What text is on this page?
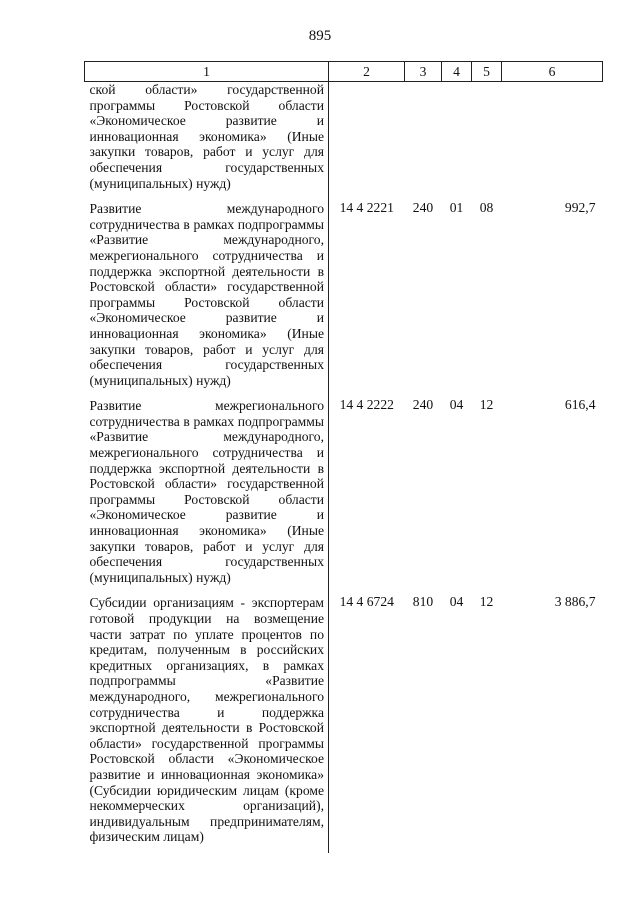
895
1	2	3	4	5	6
ской области» государственной программы Ростовской области «Экономическое развитие и инновационная экономика» (Иные закупки товаров, работ и услуг для обеспечения государственных (муниципальных) нужд)					
Развитие международного сотрудничества в рамках подпрограммы «Развитие международного, межрегионального сотрудничества и поддержка экспортной деятельности в Ростовской области» государственной программы Ростовской области «Экономическое развитие и инновационная экономика» (Иные закупки товаров, работ и услуг для обеспечения государственных (муниципальных) нужд)	14 4 2221	240	01	08	992,7
Развитие межрегионального сотрудничества в рамках подпрограммы «Развитие международного, межрегионального сотрудничества и поддержка экспортной деятельности в Ростовской области» государственной программы Ростовской области «Экономическое развитие и инновационная экономика» (Иные закупки товаров, работ и услуг для обеспечения государственных (муниципальных) нужд)	14 4 2222	240	04	12	616,4
Субсидии организациям - экспортерам готовой продукции на возмещение части затрат по уплате процентов по кредитам, полученным в российских кредитных организациях, в рамках подпрограммы «Развитие международного, межрегионального сотрудничества и поддержка экспортной деятельности в Ростовской области» государственной программы Ростовской области «Экономическое развитие и инновационная экономика» (Субсидии юридическим лицам (кроме некоммерческих организаций), индивидуальным предпринимателям, физическим лицам)	14 4 6724	810	04	12	3 886,7
